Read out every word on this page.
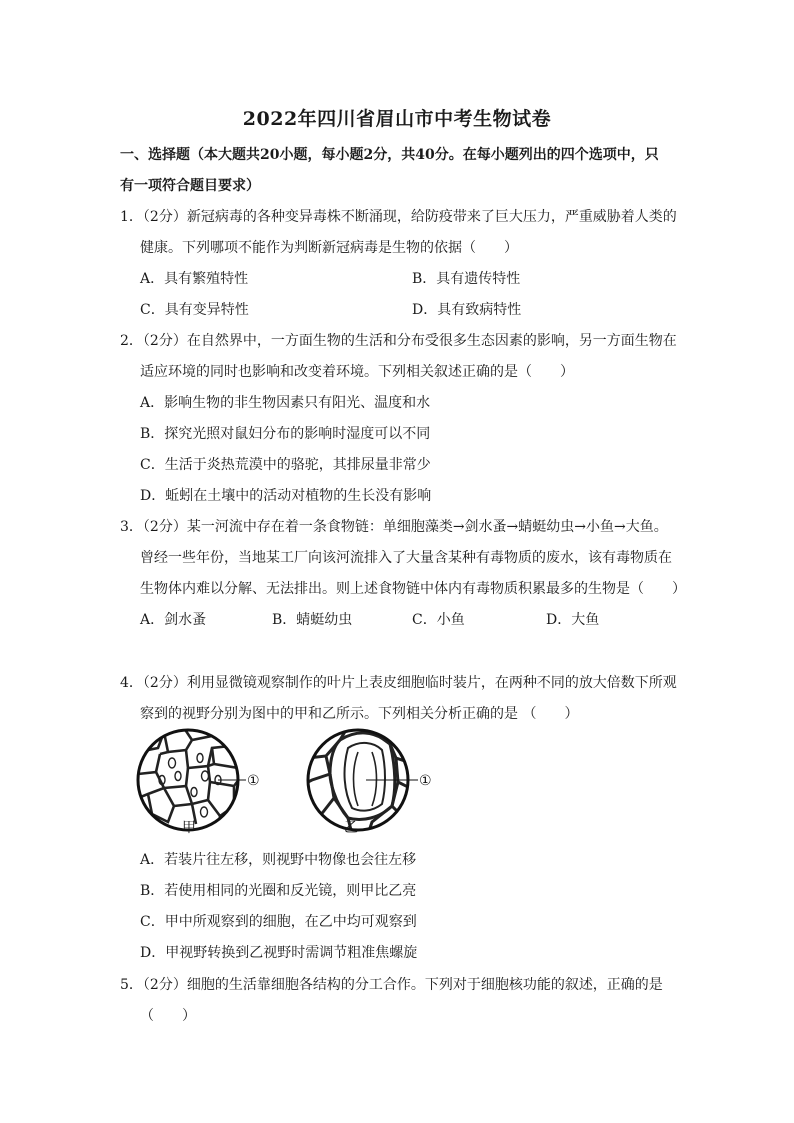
2022年四川省眉山市中考生物试卷
一、选择题（本大题共20小题，每小题2分，共40分。在每小题列出的四个选项中，只
有一项符合题目要求）
1．（2分）新冠病毒的各种变异毒株不断涌现，给防疫带来了巨大压力，严重威胁着人类的
健康。下列哪项不能作为判断新冠病毒是生物的依据（　　）
A．具有繁殖特性	B．具有遗传特性
C．具有变异特性	D．具有致病特性
2．（2分）在自然界中，一方面生物的生活和分布受很多生态因素的影响，另一方面生物在
适应环境的同时也影响和改变着环境。下列相关叙述正确的是（　　）
A．影响生物的非生物因素只有阳光、温度和水
B．探究光照对鼠妇分布的影响时湿度可以不同
C．生活于炎热荒漠中的骆驼，其排尿量非常少
D．蚯蚓在土壤中的活动对植物的生长没有影响
3．（2分）某一河流中存在着一条食物链：单细胞藻类→剑水蚤→蜻蜓幼虫→小鱼→大鱼。
曾经一些年份，当地某工厂向该河流排入了大量含某种有毒物质的废水，该有毒物质在
生物体内难以分解、无法排出。则上述食物链中体内有毒物质积累最多的生物是（　　）
A．剑水蚤	B．蜻蜓幼虫	C．小鱼	D．大鱼
4．（2分）利用显微镜观察制作的叶片上表皮细胞临时装片，在两种不同的放大倍数下所观
察到的视野分别为图中的甲和乙所示。下列相关分析正确的是 （　　）
①	①
甲	乙
A．若装片往左移，则视野中物像也会往左移
B．若使用相同的光圈和反光镜，则甲比乙亮
C．甲中所观察到的细胞，在乙中均可观察到
D．甲视野转换到乙视野时需调节粗准焦螺旋
5．（2分）细胞的生活靠细胞各结构的分工合作。下列对于细胞核功能的叙述，正确的是
（　　）
